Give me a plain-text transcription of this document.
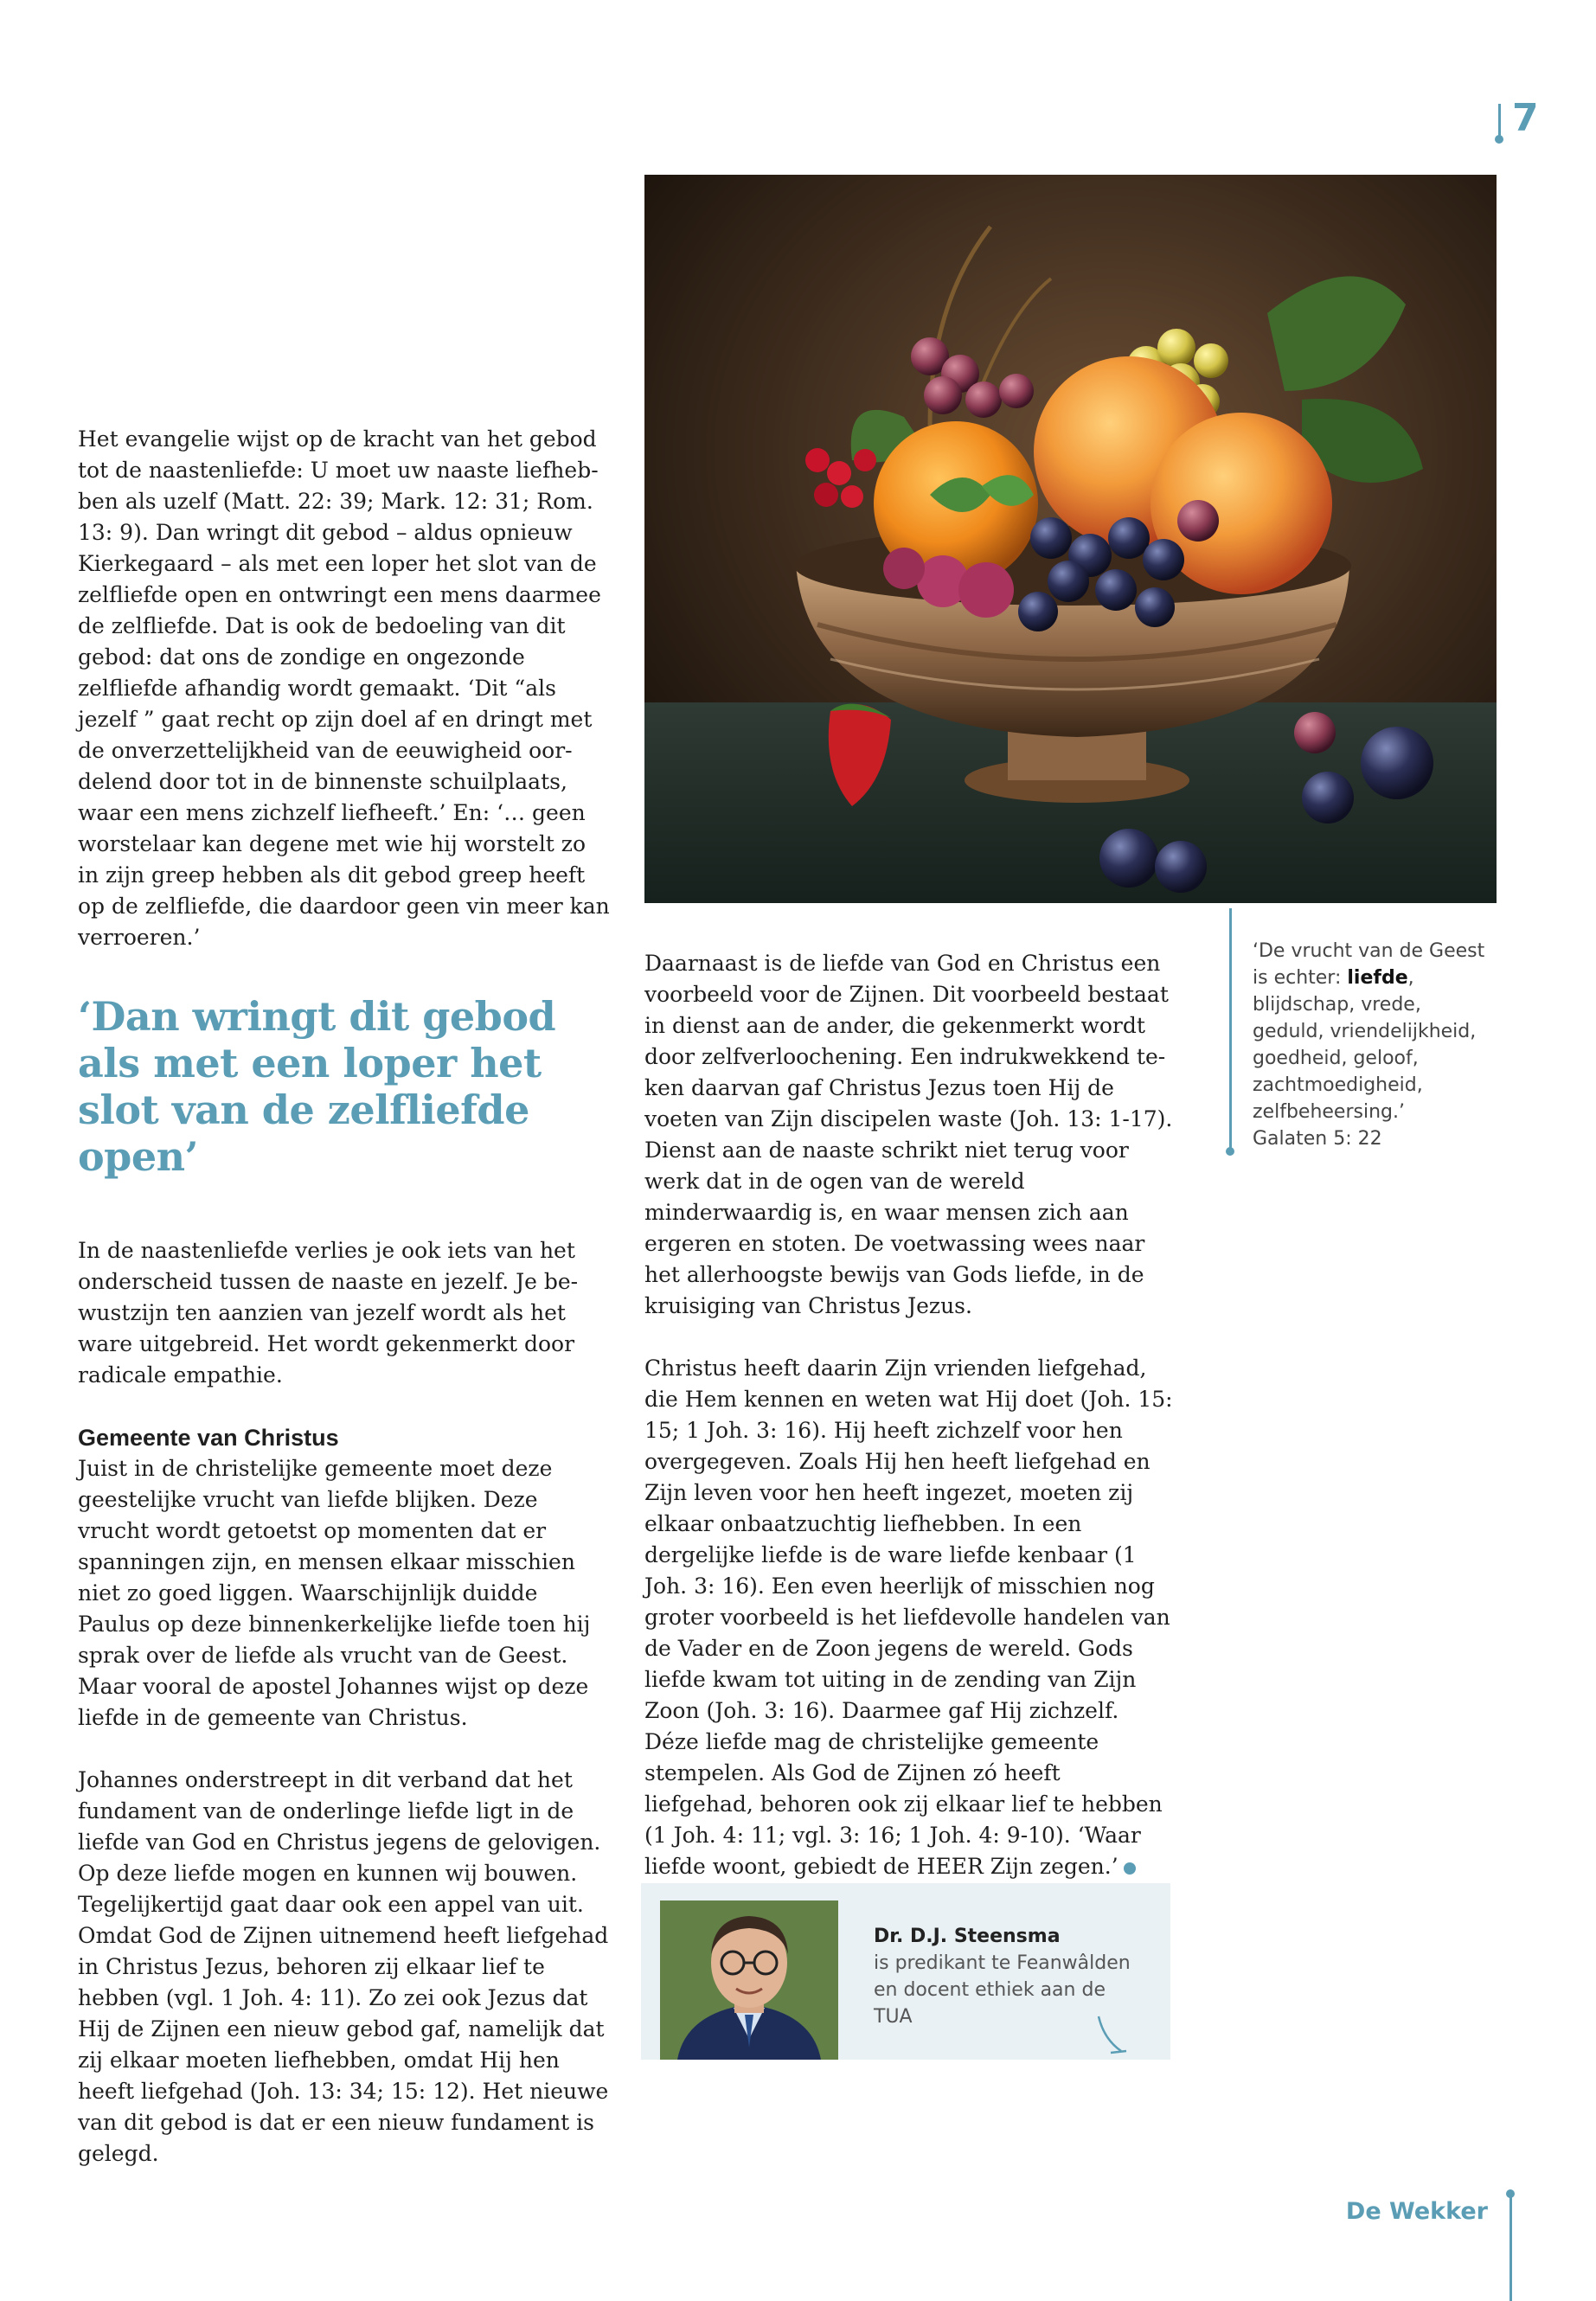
7

Het evangelie wijst op de kracht van het gebod tot de naastenliefde: U moet uw naaste liefhebben als uzelf (Matt. 22: 39; Mark. 12: 31; Rom. 13: 9). Dan wringt dit gebod – aldus opnieuw Kierkegaard – als met een loper het slot van de zelfliefde open en ontwringt een mens daarmee de zelfliefde. Dat is ook de bedoeling van dit gebod: dat ons de zondige en ongezonde zelfliefde afhandig wordt gemaakt. ‘Dit “als jezelf ” gaat recht op zijn doel af en dringt met de onverzettelijkheid van de eeuwigheid oordelend door tot in de binnenste schuilplaats, waar een mens zichzelf liefheeft.’ En: ‘… geen worstelaar kan degene met wie hij worstelt zo in zijn greep hebben als dit gebod greep heeft op de zelfliefde, die daardoor geen vin meer kan verroeren.’

‘Dan wringt dit gebod als met een loper het slot van de zelfliefde open’

In de naastenliefde verlies je ook iets van het onderscheid tussen de naaste en jezelf. Je bewustzijn ten aanzien van jezelf wordt als het ware uitgebreid. Het wordt gekenmerkt door radicale empathie.

Gemeente van Christus

Juist in de christelijke gemeente moet deze geestelijke vrucht van liefde blijken. Deze vrucht wordt getoetst op momenten dat er spanningen zijn, en mensen elkaar misschien niet zo goed liggen. Waarschijnlijk duidde Paulus op deze binnenkerkelijke liefde toen hij sprak over de liefde als vrucht van de Geest. Maar vooral de apostel Johannes wijst op deze liefde in de gemeente van Christus.

Johannes onderstreept in dit verband dat het fundament van de onderlinge liefde ligt in de liefde van God en Christus jegens de gelovigen. Op deze liefde mogen en kunnen wij bouwen. Tegelijkertijd gaat daar ook een appel van uit. Omdat God de Zijnen uitnemend heeft liefgehad in Christus Jezus, behoren zij elkaar lief te hebben (vgl. 1 Joh. 4: 11). Zo zei ook Jezus dat Hij de Zijnen een nieuw gebod gaf, namelijk dat zij elkaar moeten liefhebben, omdat Hij hen heeft liefgehad (Joh. 13: 34; 15: 12). Het nieuwe van dit gebod is dat er een nieuw fundament is gelegd.

Daarnaast is de liefde van God en Christus een voorbeeld voor de Zijnen. Dit voorbeeld bestaat in dienst aan de ander, die gekenmerkt wordt door zelfverloochening. Een indrukwekkend teken daarvan gaf Christus Jezus toen Hij de voeten van Zijn discipelen waste (Joh. 13: 1-17). Dienst aan de naaste schrikt niet terug voor werk dat in de ogen van de wereld minderwaardig is, en waar mensen zich aan ergeren en stoten. De voetwassing wees naar het allerhoogste bewijs van Gods liefde, in de kruisiging van Christus Jezus.

Christus heeft daarin Zijn vrienden liefgehad, die Hem kennen en weten wat Hij doet (Joh. 15: 15; 1 Joh. 3: 16). Hij heeft zichzelf voor hen overgegeven. Zoals Hij hen heeft liefgehad en Zijn leven voor hen heeft ingezet, moeten zij elkaar onbaatzuchtig liefhebben. In een dergelijke liefde is de ware liefde kenbaar (1 Joh. 3: 16). Een even heerlijk of misschien nog groter voorbeeld is het liefdevolle handelen van de Vader en de Zoon jegens de wereld. Gods liefde kwam tot uiting in de zending van Zijn Zoon (Joh. 3: 16). Daarmee gaf Hij zichzelf. Déze liefde mag de christelijke gemeente stempelen. Als God de Zijnen zó heeft liefgehad, behoren ook zij elkaar lief te hebben (1 Joh. 4: 11; vgl. 3: 16; 1 Joh. 4: 9-10). ‘Waar liefde woont, gebiedt de HEER Zijn zegen.’

‘De vrucht van de Geest is echter: liefde, blijdschap, vrede, geduld, vriendelijkheid, goedheid, geloof, zachtmoedigheid, zelfbeheersing.’
Galaten 5: 22
Dr. D.J. Steensma
is predikant te Feanwâlden en docent ethiek aan de TUA
De Wekker
